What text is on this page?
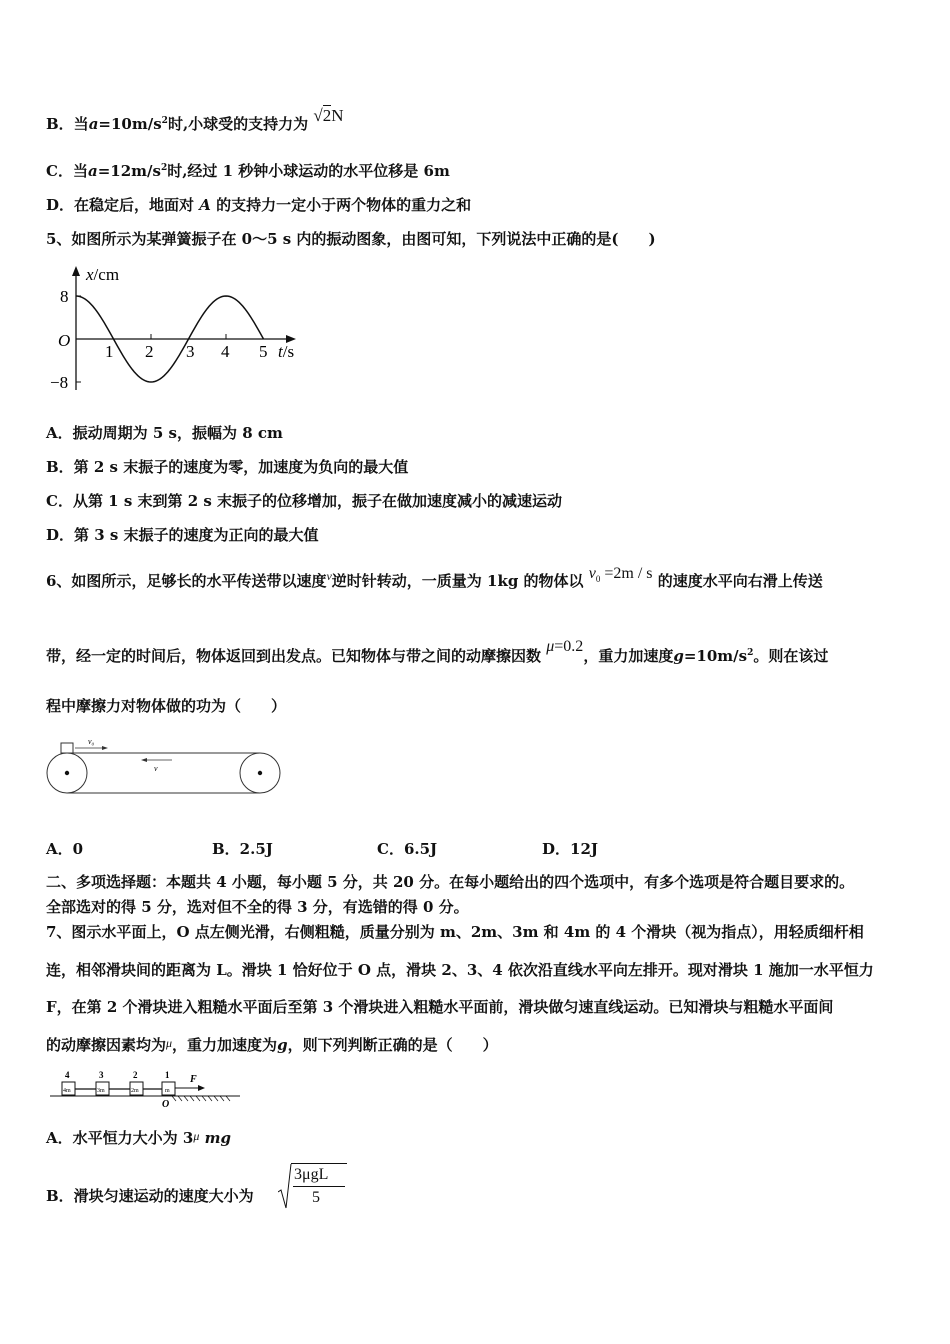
B．当$a=10m/s^2$时,小球受的支持力为 √2N
C．当$a=12m/s^2$时,经过 1 秒钟小球运动的水平位移是 6m
D．在稳定后，地面对 A 的支持力一定小于两个物体的重力之和
5、如图所示为某弹簧振子在 0～5 s 内的振动图象，由图可知，下列说法中正确的是(　　)
x/cm
t/s
O
8
−8
1 2 3 4 5
A．振动周期为 5 s，振幅为 8 cm
B．第 2 s 末振子的速度为零，加速度为负向的最大值
C．从第 1 s 末到第 2 s 末振子的位移增加，振子在做加速度减小的减速运动
D．第 3 s 末振子的速度为正向的最大值
6、如图所示，足够长的水平传送带以速度$^v$逆时针转动，一质量为 1kg 的物体以 $v_0 =2m / s$ 的速度水平向右滑上传送
带，经一定的时间后，物体返回到出发点。已知物体与带之间的动摩擦因数 μ=0.2，重力加速度$g=10m/s^2$。则在该过
程中摩擦力对物体做的功为（　　）
v₀
v
A．0	B．2.5J	C．6.5J	D．12J
二、多项选择题：本题共 4 小题，每小题 5 分，共 20 分。在每小题给出的四个选项中，有多个选项是符合题目要求的。
全部选对的得 5 分，选对但不全的得 3 分，有选错的得 0 分。
7、图示水平面上，O 点左侧光滑，右侧粗糙，质量分别为 m、2m、3m 和 4m 的 4 个滑块（视为指点），用轻质细杆相
连，相邻滑块间的距离为 L。滑块 1 恰好位于 O 点，滑块 2、3、4 依次沿直线水平向左排开。现对滑块 1 施加一水平恒力
F，在第 2 个滑块进入粗糙水平面后至第 3 个滑块进入粗糙水平面前，滑块做匀速直线运动。已知滑块与粗糙水平面间
的动摩擦因素均为$^\mu$，重力加速度为g，则下列判断正确的是（　　）
4	3	2	1
4m	3m	2m	m
F
O
A．水平恒力大小为 $3^\mu$ mg
B．滑块匀速运动的速度大小为
3μgL
5
